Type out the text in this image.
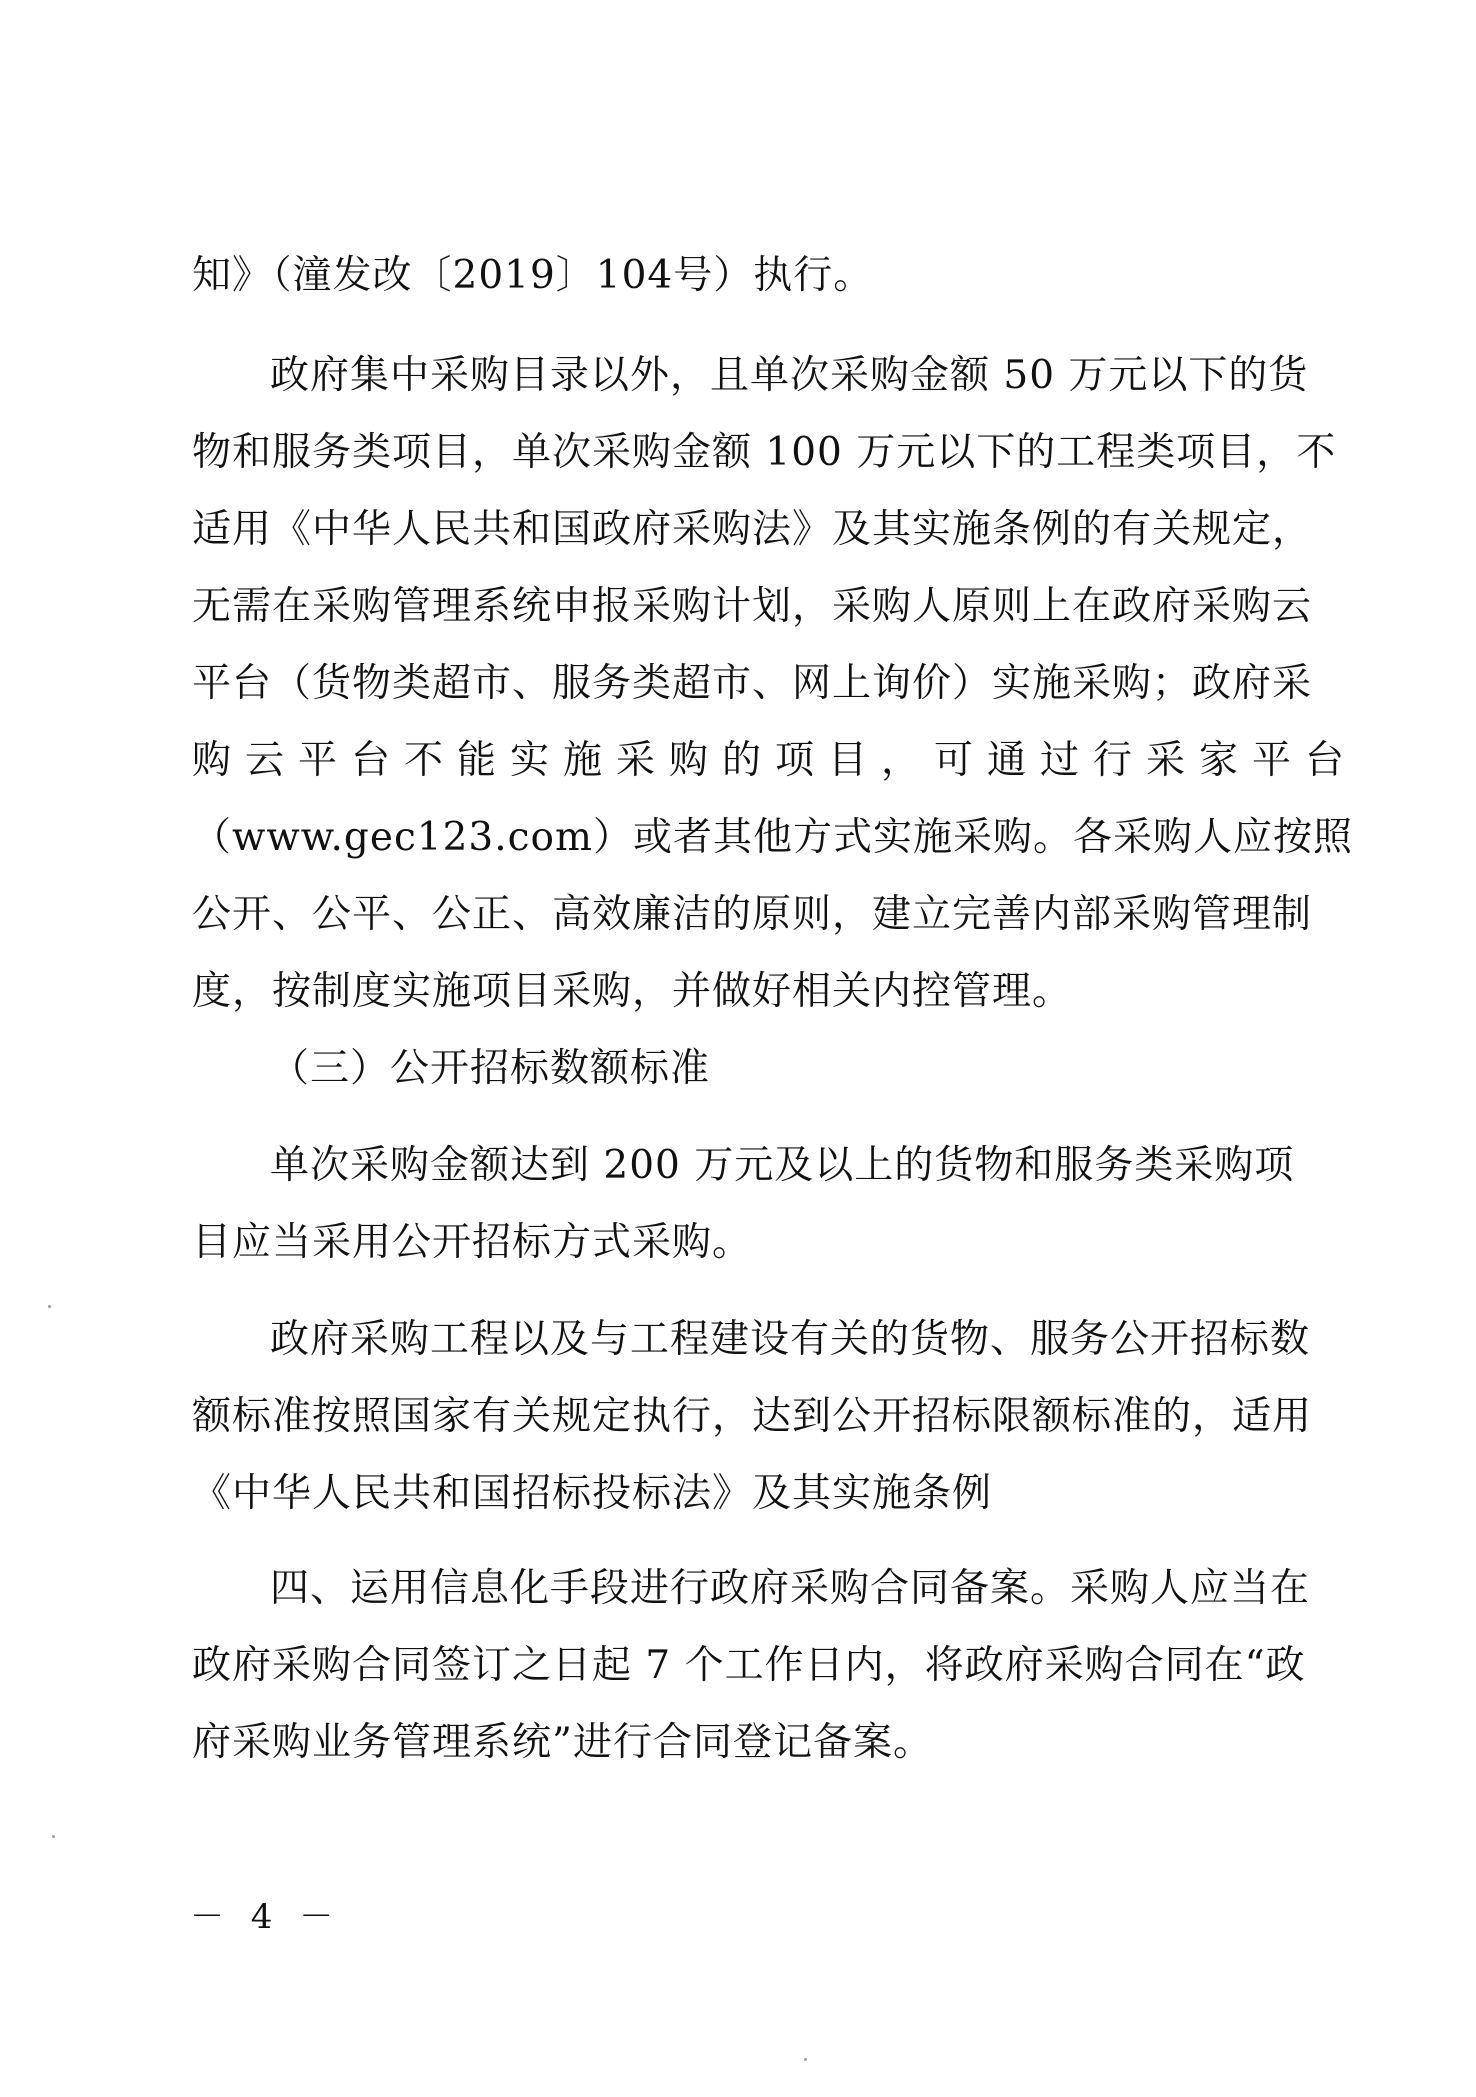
知》（潼发改〔2019〕104号）执行。
政府集中采购目录以外，且单次采购金额 50 万元以下的货
物和服务类项目，单次采购金额 100 万元以下的工程类项目，不
适用《中华人民共和国政府采购法》及其实施条例的有关规定，
无需在采购管理系统申报采购计划，采购人原则上在政府采购云
平台（货物类超市、服务类超市、网上询价）实施采购；政府采
购云平台不能实施采购的项目，可通过行采家平台
（www.gec123.com）或者其他方式实施采购。各采购人应按照
公开、公平、公正、高效廉洁的原则，建立完善内部采购管理制
度，按制度实施项目采购，并做好相关内控管理。
（三）公开招标数额标准
单次采购金额达到 200 万元及以上的货物和服务类采购项
目应当采用公开招标方式采购。
政府采购工程以及与工程建设有关的货物、服务公开招标数
额标准按照国家有关规定执行，达到公开招标限额标准的，适用
《中华人民共和国招标投标法》及其实施条例
四、运用信息化手段进行政府采购合同备案。采购人应当在
政府采购合同签订之日起 7 个工作日内，将政府采购合同在“政
府采购业务管理系统”进行合同登记备案。
－ 4 －
